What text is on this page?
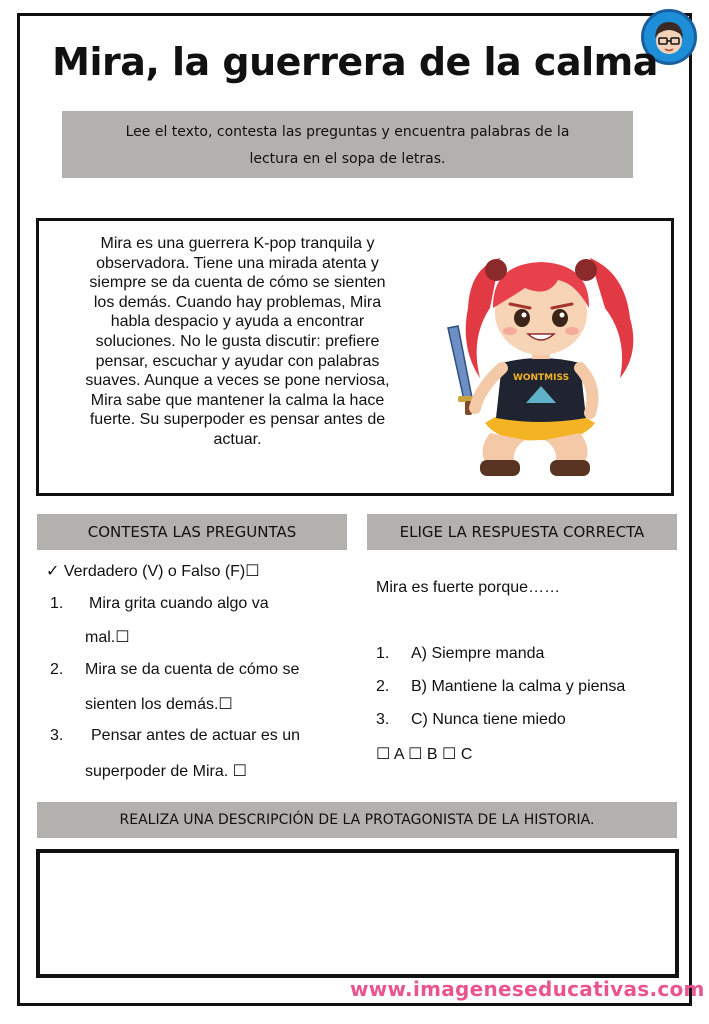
Mira, la guerrera de la calma
Lee el texto, contesta las preguntas y encuentra palabras de la
lectura en el sopa de letras.
Mira es una guerrera K-pop tranquila y
observadora. Tiene una mirada atenta y
siempre se da cuenta de cómo se sienten
los demás. Cuando hay problemas, Mira
habla despacio y ayuda a encontrar
soluciones. No le gusta discutir: prefiere
pensar, escuchar y ayudar con palabras
suaves. Aunque a veces se pone nerviosa,
Mira sabe que mantener la calma la hace
fuerte. Su superpoder es pensar antes de
actuar.
WONTMISS
CONTESTA LAS PREGUNTAS
✓ Verdadero (V) o Falso (F)☐
1. Mira grita cuando algo va
mal.☐
2. Mira se da cuenta de cómo se
sienten los demás.☐
3. Pensar antes de actuar es un
superpoder de Mira. ☐
ELIGE LA RESPUESTA CORRECTA
Mira es fuerte porque……
1. A) Siempre manda
2. B) Mantiene la calma y piensa
3. C) Nunca tiene miedo
☐ A ☐ B ☐ C
REALIZA UNA DESCRIPCIÓN DE LA PROTAGONISTA DE LA HISTORIA.
www.imageneseducativas.com
